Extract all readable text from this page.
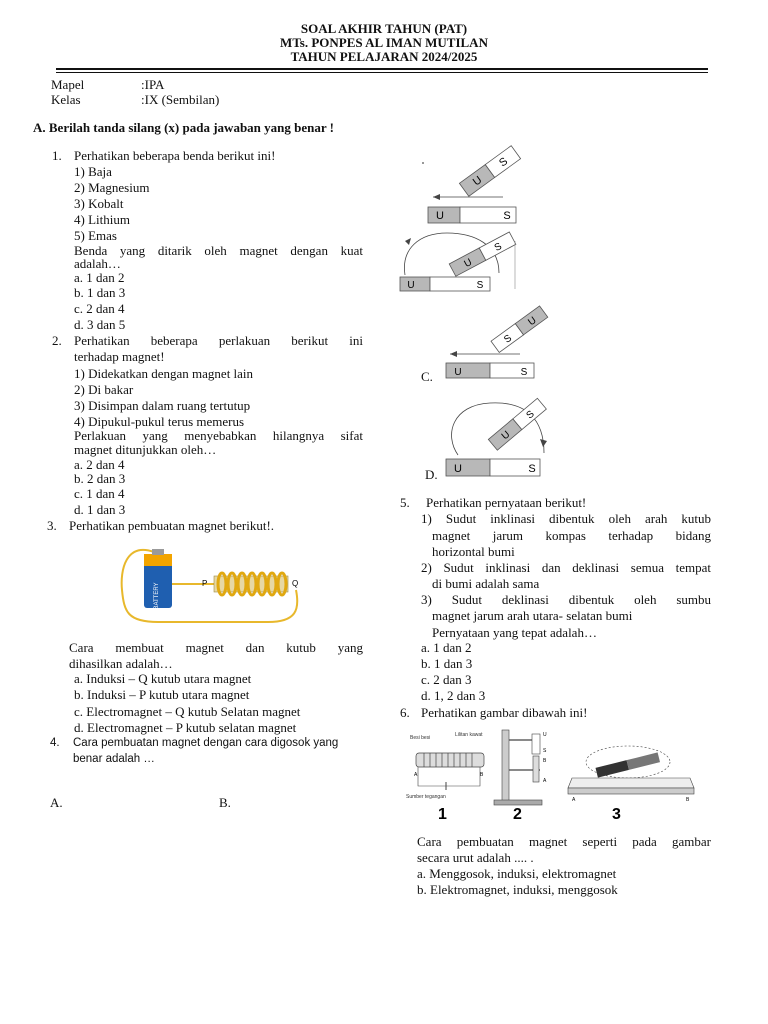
SOAL AKHIR TAHUN (PAT)
MTs. PONPES AL IMAN MUTILAN
TAHUN PELAJARAN 2024/2025
Mapel	:IPA
Kelas	:IX (Sembilan)
A. Berilah tanda silang (x) pada jawaban yang benar !
1. Perhatikan beberapa benda berikut ini!
1) Baja
2) Magnesium
3) Kobalt
4) Lithium
5) Emas
Benda yang ditarik oleh magnet dengan kuat
adalah…
a. 1 dan 2
b. 1 dan 3
c. 2 dan 4
d. 3 dan 5
2. Perhatikan beberapa perlakuan berikut ini
terhadap magnet!
1) Didekatkan dengan magnet lain
2) Di bakar
3) Disimpan dalam ruang tertutup
4) Dipukul-pukul terus memerus
Perlakuan yang menyebabkan hilangnya sifat
magnet ditunjukkan oleh…
a. 2 dan 4
b. 2 dan 3
c. 1 dan 4
d. 1 dan 3
3. Perhatikan pembuatan magnet berikut!.
BATTERY	P	Q
Cara membuat magnet dan kutub yang
dihasilkan adalah…
a. Induksi – Q kutub utara magnet
b. Induksi – P kutub utara magnet
c. Electromagnet – Q kutub Selatan magnet
d. Electromagnet – P kutub selatan magnet
4. Cara pembuatan magnet dengan cara digosok yang
benar adalah …
A.	B.
U
S
U	S
U
S
U	S
S
U
U	S
C.
U
S
U	S
D.
5. Perhatikan pernyataan berikut!
1) Sudut inklinasi dibentuk oleh arah kutub
magnet jarum kompas terhadap bidang
horizontal bumi
2) Sudut inklinasi dan deklinasi semua tempat
di bumi adalah sama
3) Sudut deklinasi dibentuk oleh sumbu
magnet jarum arah utara- selatan bumi
Pernyataan yang tepat adalah…
a. 1 dan 2
b. 1 dan 3
c. 2 dan 3
d. 1, 2 dan 3
6. Perhatikan gambar dibawah ini!
Besi besi	Lilitan kawat
A	B
Sumber tegangan
1
U
S
B
A
2
A	B
3
Cara pembuatan magnet seperti pada gambar
secara urut adalah .... .
a. Menggosok, induksi, elektromagnet
b. Elektromagnet, induksi, menggosok
